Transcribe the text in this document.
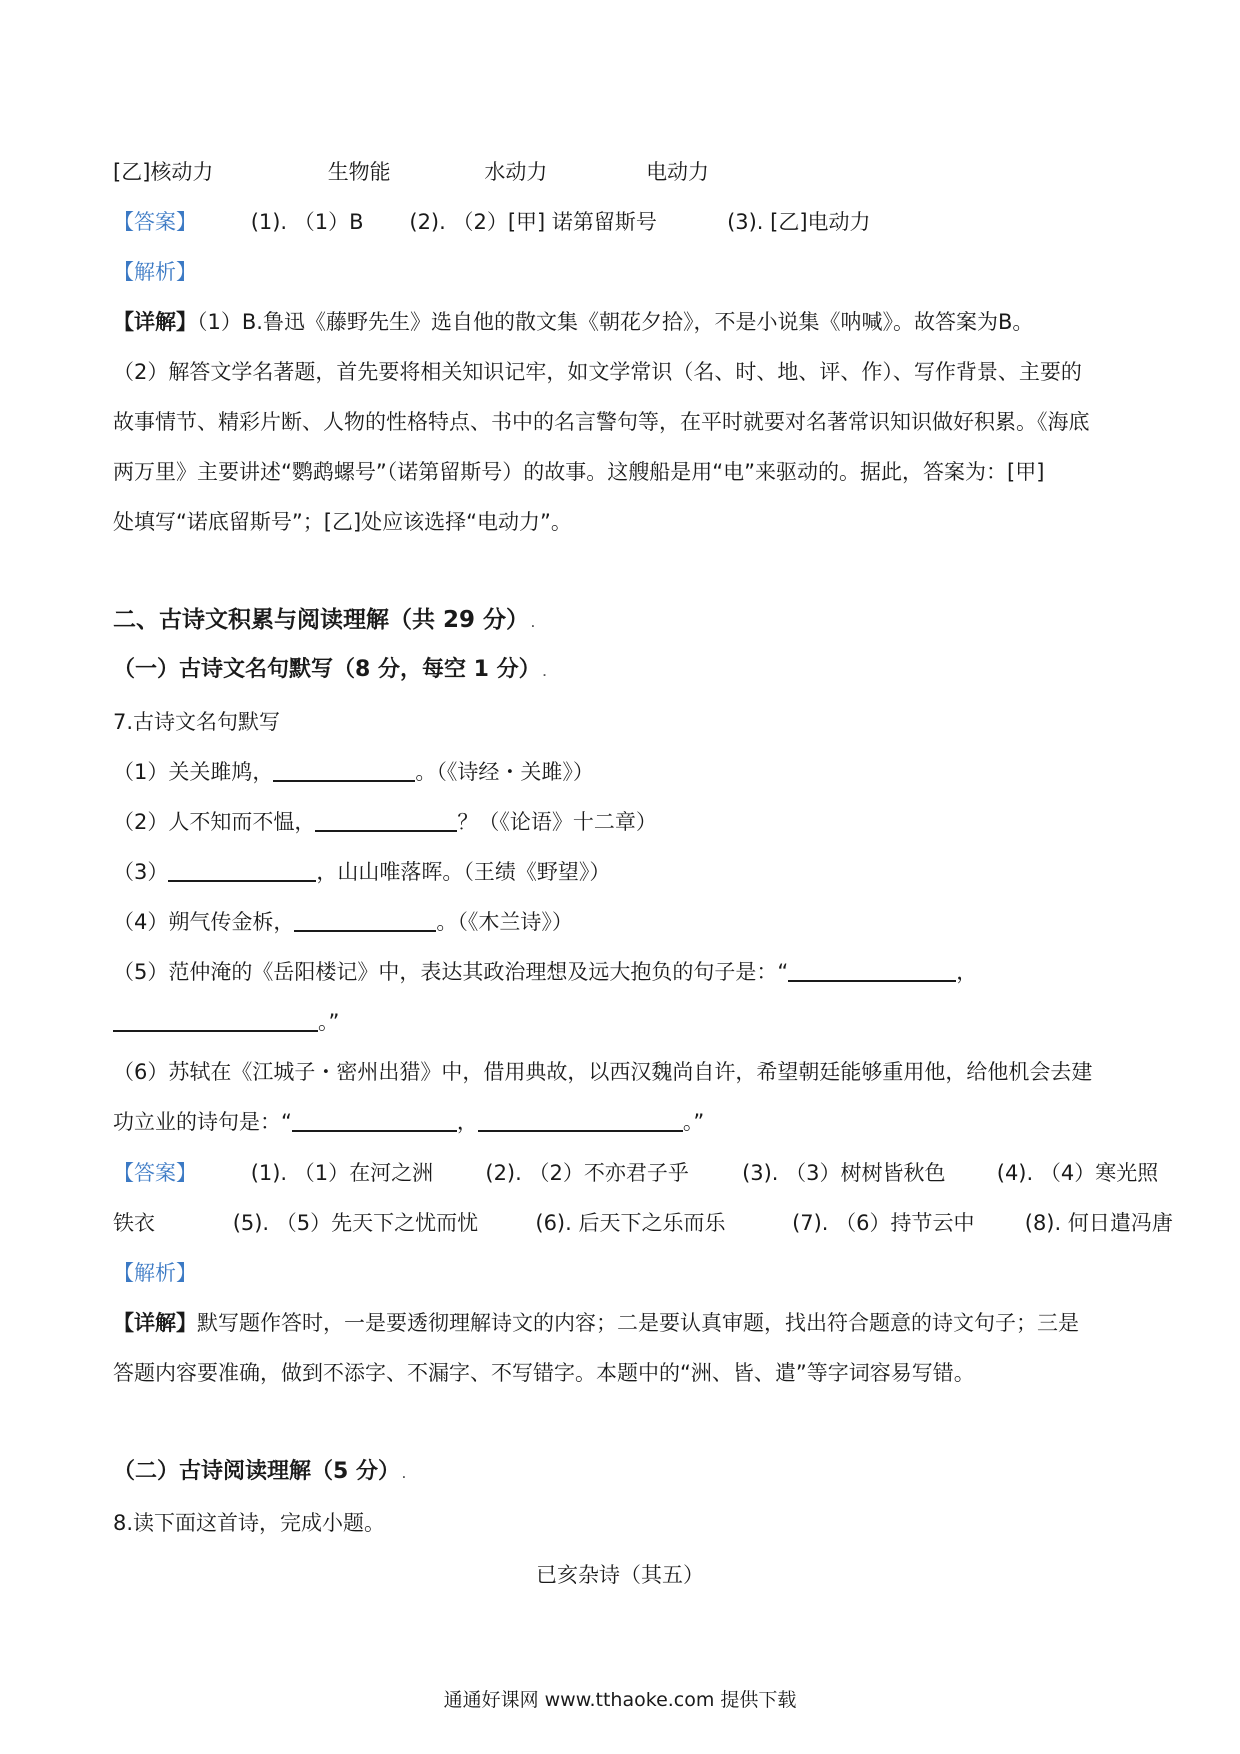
[乙]核动力	生物能	水动力	电动力
【答案】	(1). （1）B (2). （2）[甲] 诺第留斯号	(3). [乙]电动力
【解析】
【详解】（1）B.鲁迅《藤野先生》选自他的散文集《朝花夕拾》，不是小说集《呐喊》。故答案为B。
（2）解答文学名著题，首先要将相关知识记牢，如文学常识（名、时、地、评、作）、写作背景、主要的
故事情节、精彩片断、人物的性格特点、书中的名言警句等，在平时就要对名著常识知识做好积累。《海底
两万里》主要讲述“鹦鹉螺号”（诺第留斯号）的故事。这艘船是用“电”来驱动的。据此，答案为：[甲]
处填写“诺底留斯号”；[乙]处应该选择“电动力”。
二、古诗文积累与阅读理解（共 29 分） .
（一）古诗文名句默写（8 分，每空 1 分） .
7.古诗文名句默写
（1）关关雎鸠，	。（《诗经・关雎》）
（2）人不知而不愠，	？（《论语》十二章）
（3）	，山山唯落晖。（王绩《野望》）
（4）朔气传金柝，	。（《木兰诗》）
（5）范仲淹的《岳阳楼记》中，表达其政治理想及远大抱负的句子是：“	，
。”
（6）苏轼在《江城子・密州出猎》中，借用典故，以西汉魏尚自许，希望朝廷能够重用他，给他机会去建
功立业的诗句是：“	，	。”
【答案】	(1). （1）在河之洲 (2). （2）不亦君子乎	(3). （3）树树皆秋色 (4). （4）寒光照
铁衣	(5). （5）先天下之忧而忧	(6). 后天下之乐而乐	(7). （6）持节云中 (8). 何日遣冯唐
【解析】
【详解】默写题作答时，一是要透彻理解诗文的内容；二是要认真审题，找出符合题意的诗文句子；三是
答题内容要准确，做到不添字、不漏字、不写错字。本题中的“洲、皆、遣”等字词容易写错。
（二）古诗阅读理解（5 分） .
8.读下面这首诗，完成小题。
已亥杂诗（其五）
通通好课网 www.tthaoke.com 提供下载
